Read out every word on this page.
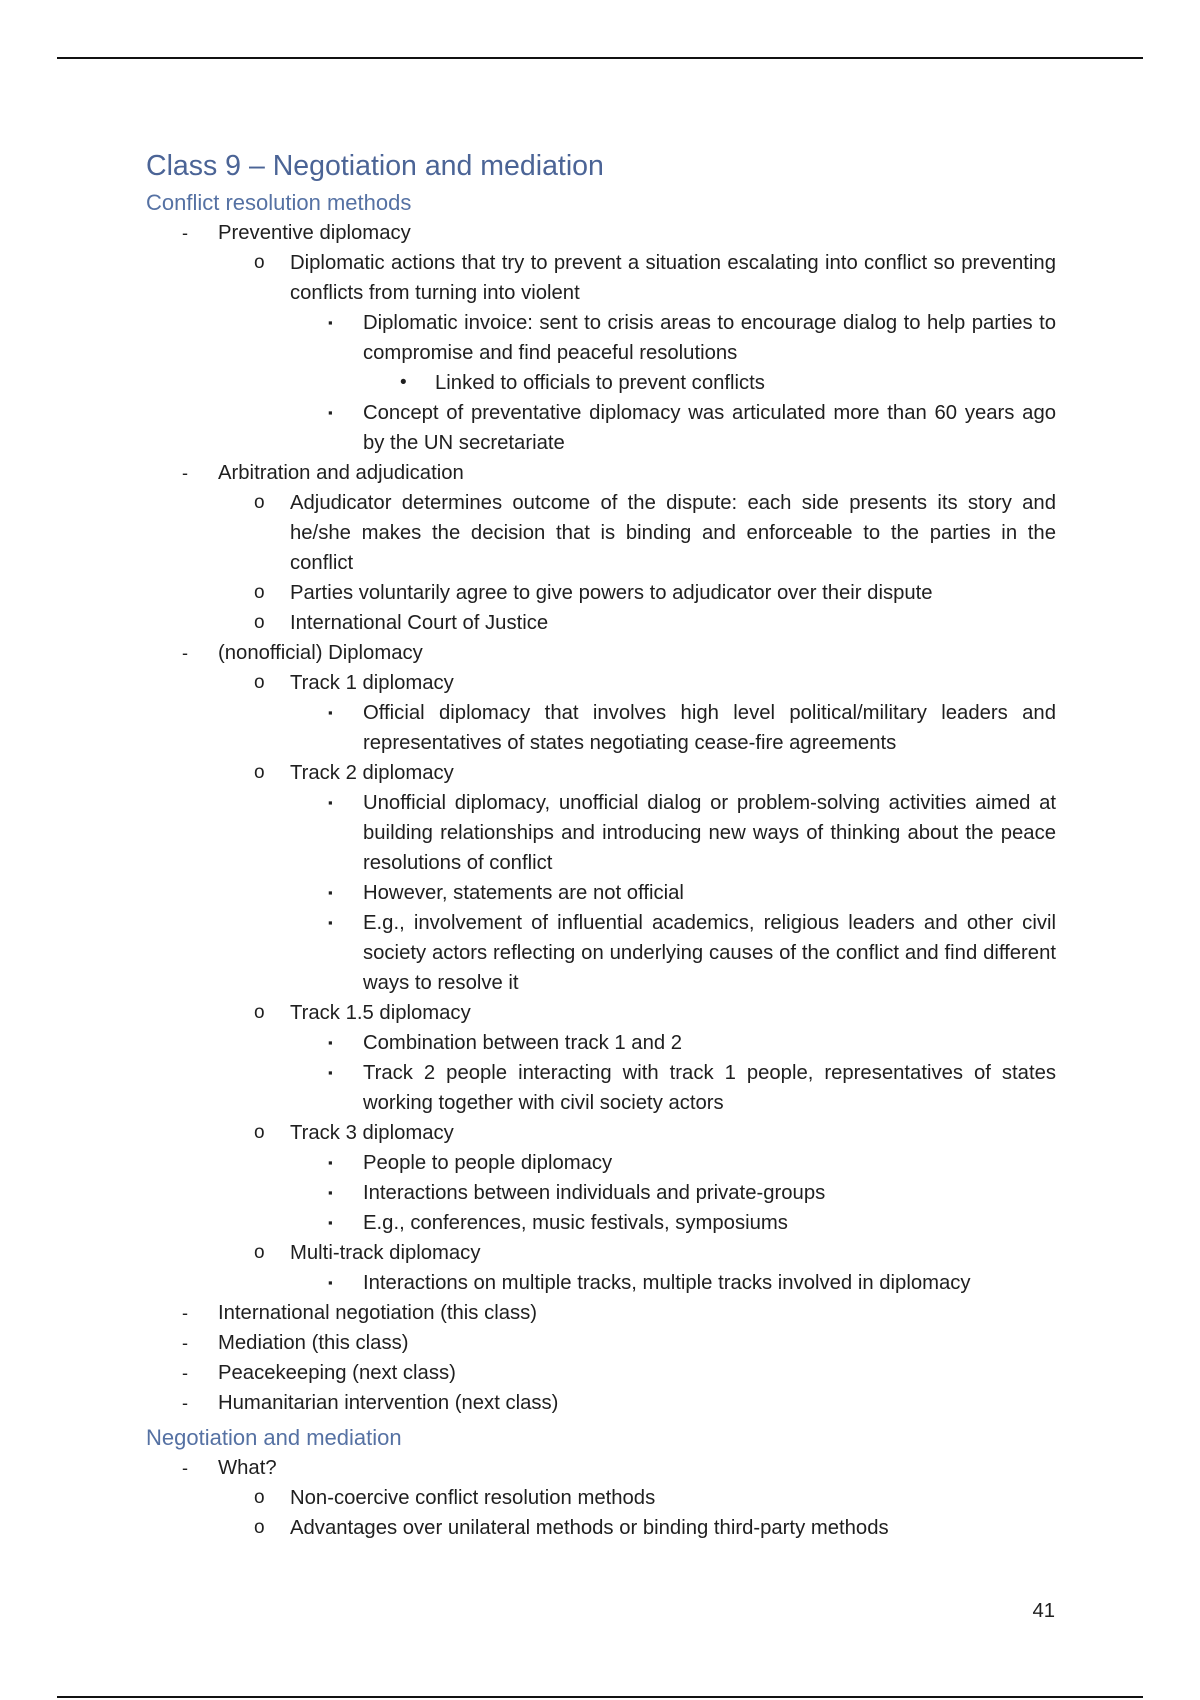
Class 9 – Negotiation and mediation
Conflict resolution methods
- Preventive diplomacy
o Diplomatic actions that try to prevent a situation escalating into conflict so preventing conflicts from turning into violent
▪ Diplomatic invoice: sent to crisis areas to encourage dialog to help parties to compromise and find peaceful resolutions
• Linked to officials to prevent conflicts
▪ Concept of preventative diplomacy was articulated more than 60 years ago by the UN secretariate
- Arbitration and adjudication
o Adjudicator determines outcome of the dispute: each side presents its story and he/she makes the decision that is binding and enforceable to the parties in the conflict
o Parties voluntarily agree to give powers to adjudicator over their dispute
o International Court of Justice
- (nonofficial) Diplomacy
o Track 1 diplomacy
▪ Official diplomacy that involves high level political/military leaders and representatives of states negotiating cease-fire agreements
o Track 2 diplomacy
▪ Unofficial diplomacy, unofficial dialog or problem-solving activities aimed at building relationships and introducing new ways of thinking about the peace resolutions of conflict
▪ However, statements are not official
▪ E.g., involvement of influential academics, religious leaders and other civil society actors reflecting on underlying causes of the conflict and find different ways to resolve it
o Track 1.5 diplomacy
▪ Combination between track 1 and 2
▪ Track 2 people interacting with track 1 people, representatives of states working together with civil society actors
o Track 3 diplomacy
▪ People to people diplomacy
▪ Interactions between individuals and private-groups
▪ E.g., conferences, music festivals, symposiums
o Multi-track diplomacy
▪ Interactions on multiple tracks, multiple tracks involved in diplomacy
- International negotiation (this class)
- Mediation (this class)
- Peacekeeping (next class)
- Humanitarian intervention (next class)
Negotiation and mediation
- What?
o Non-coercive conflict resolution methods
o Advantages over unilateral methods or binding third-party methods
41
